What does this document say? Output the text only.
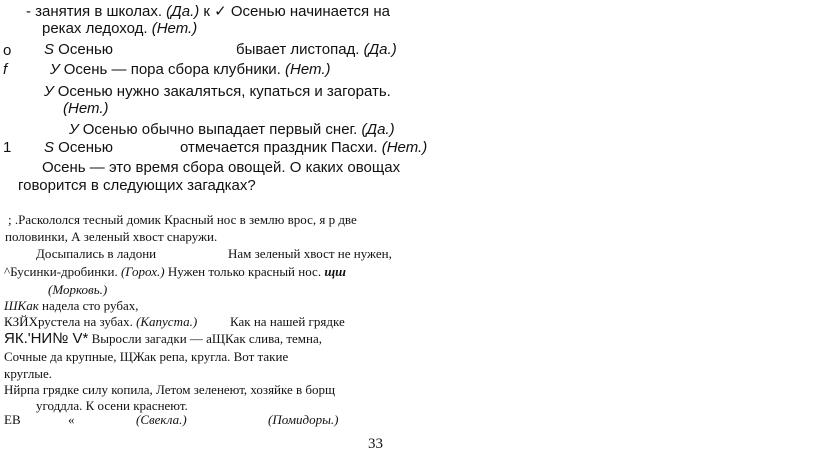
- занятия в школах. (Да.) к ✓ Осенью начинается на

реках ледоход. (Нет.)

о S Осенью	бывает листопад. (Да.)

f	У Осень — пора сбора клубники. (Нет.)

У Осенью нужно закаляться, купаться и загорать.

(Нет.)

У Осенью обычно выпадает первый снег. (Да.)

1 S Осенью	отмечается праздник Пасхи. (Нет.)

Осень — это время сбора овощей. О каких овощах

говорится в следующих загадках?

; .Раскололся тесный домик Красный нос в землю врос, я р две

половинки, А зеленый хвост снаружи.

Досыпались в ладони	Нам зеленый хвост не нужен,

^Бусинки-дробинки. (Горох.) Нужен только красный нос. щш

(Морковь.)

ШКак надела сто рубах,

КЗЙХрустела на зубах. (Капуста.)	Как на нашей грядке

ЯК.'НИ№ V* Выросли загадки — аЩКак слива, темна,

Сочные да крупные, ЩЖак репа, кругла. Вот такие

круглые.

Нйрпа грядке силу копила, Летом зеленеют, хозяйке в борщ

угоддла. К осени краснеют.

ЕВ	«	(Свекла.)	(Помидоры.)

33
